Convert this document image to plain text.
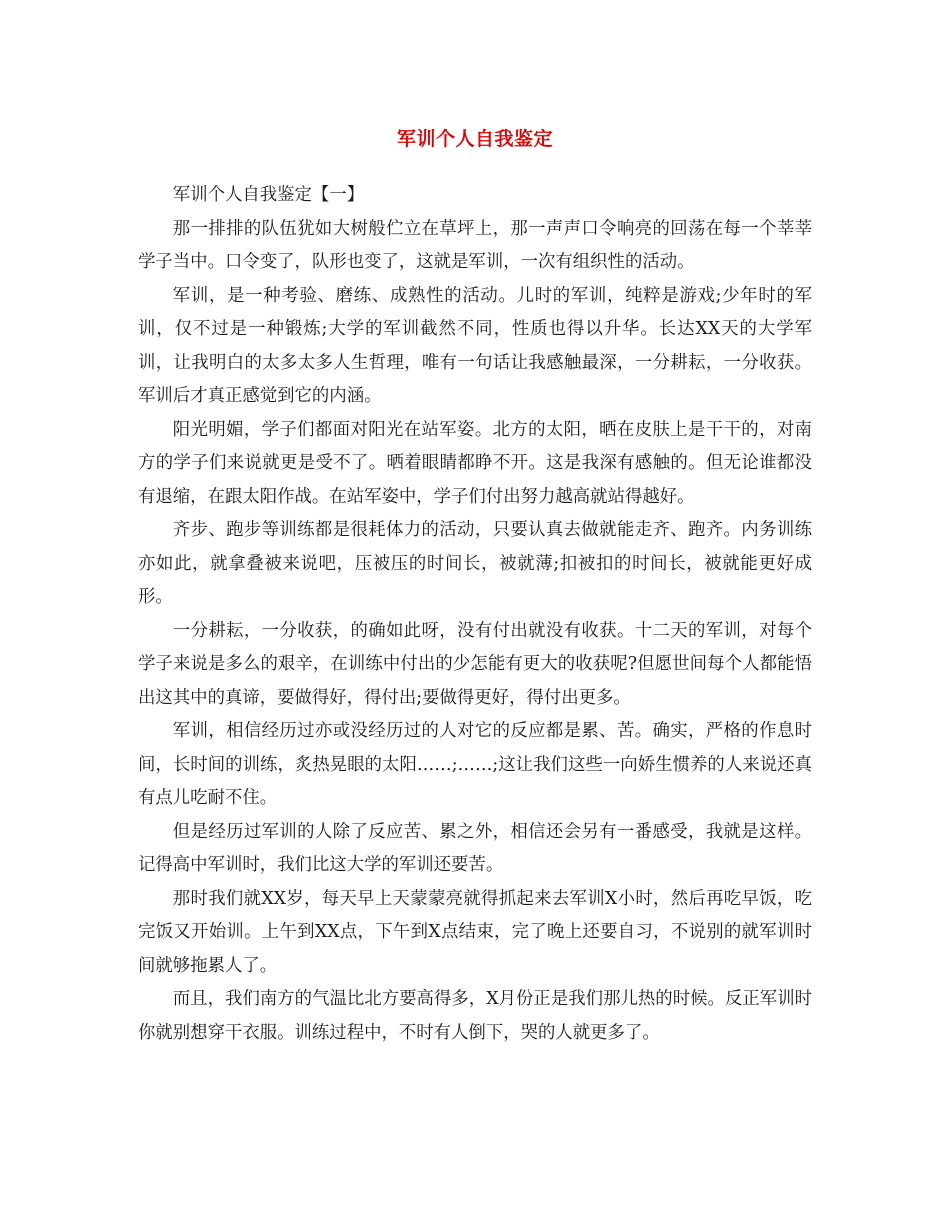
军训个人自我鉴定

军训个人自我鉴定【一】

那一排排的队伍犹如大树般伫立在草坪上，那一声声口令响亮的回荡在每一个莘莘学子当中。口令变了，队形也变了，这就是军训，一次有组织性的活动。

军训，是一种考验、磨练、成熟性的活动。儿时的军训，纯粹是游戏;少年时的军训，仅不过是一种锻炼;大学的军训截然不同，性质也得以升华。长达XX天的大学军训，让我明白的太多太多人生哲理，唯有一句话让我感触最深，一分耕耘，一分收获。军训后才真正感觉到它的内涵。

阳光明媚，学子们都面对阳光在站军姿。北方的太阳，晒在皮肤上是干干的，对南方的学子们来说就更是受不了。晒着眼睛都睁不开。这是我深有感触的。但无论谁都没有退缩，在跟太阳作战。在站军姿中，学子们付出努力越高就站得越好。

齐步、跑步等训练都是很耗体力的活动，只要认真去做就能走齐、跑齐。内务训练亦如此，就拿叠被来说吧，压被压的时间长，被就薄;扣被扣的时间长，被就能更好成形。

一分耕耘，一分收获，的确如此呀，没有付出就没有收获。十二天的军训，对每个学子来说是多么的艰辛，在训练中付出的少怎能有更大的收获呢?但愿世间每个人都能悟出这其中的真谛，要做得好，得付出;要做得更好，得付出更多。

军训，相信经历过亦或没经历过的人对它的反应都是累、苦。确实，严格的作息时间，长时间的训练，炙热晃眼的太阳……;……;这让我们这些一向娇生惯养的人来说还真有点儿吃耐不住。

但是经历过军训的人除了反应苦、累之外，相信还会另有一番感受，我就是这样。记得高中军训时，我们比这大学的军训还要苦。

那时我们就XX岁，每天早上天蒙蒙亮就得抓起来去军训X小时，然后再吃早饭，吃完饭又开始训。上午到XX点，下午到X点结束，完了晚上还要自习，不说别的就军训时间就够拖累人了。

而且，我们南方的气温比北方要高得多，X月份正是我们那儿热的时候。反正军训时你就别想穿干衣服。训练过程中，不时有人倒下，哭的人就更多了。
